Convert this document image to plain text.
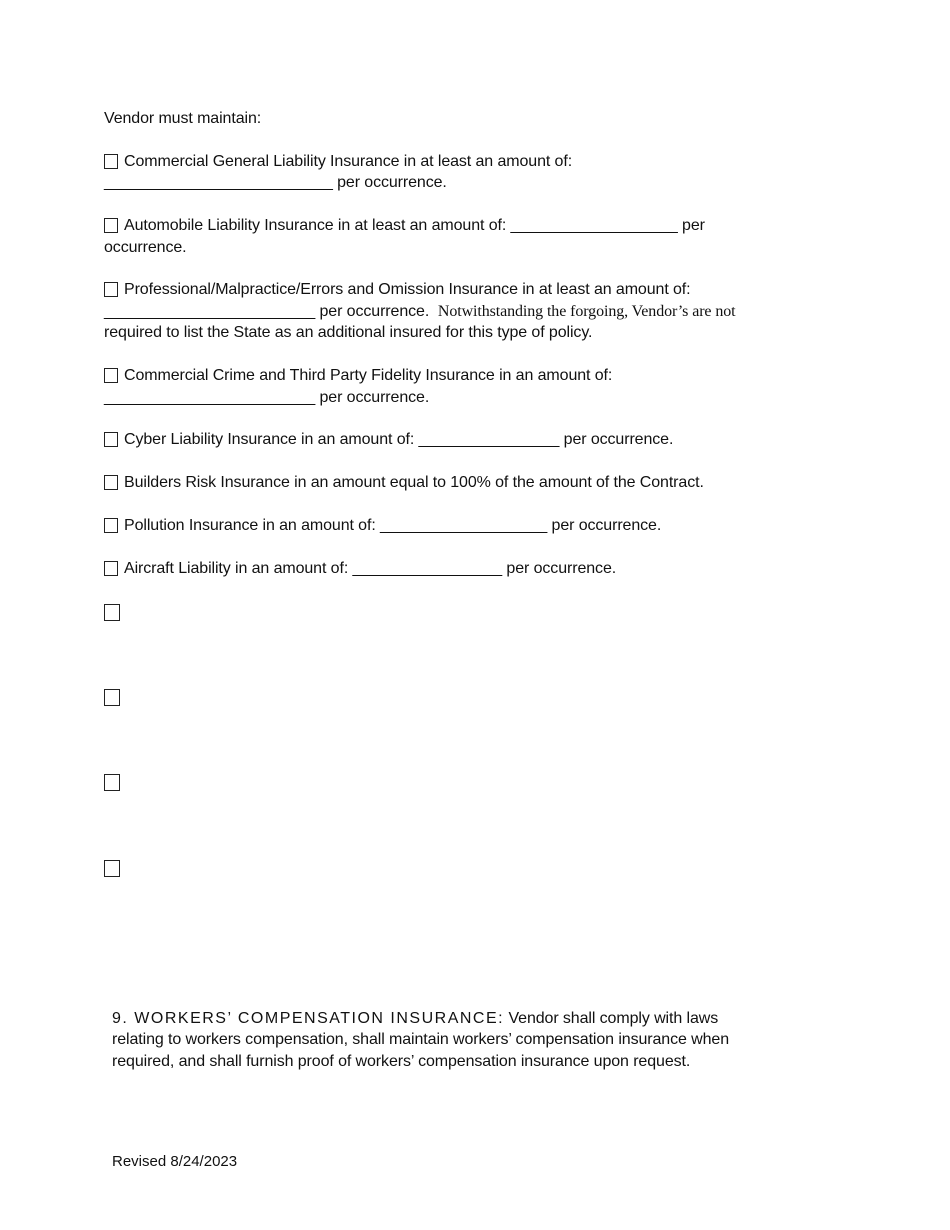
Vendor must maintain:
Commercial General Liability Insurance in at least an amount of:
__________________________ per occurrence.
Automobile Liability Insurance in at least an amount of: ___________________ per
occurrence.
Professional/Malpractice/Errors and Omission Insurance in at least an amount of:
________________________ per occurrence. Notwithstanding the forgoing, Vendor’s are not
required to list the State as an additional insured for this type of policy.
Commercial Crime and Third Party Fidelity Insurance in an amount of:
________________________ per occurrence.
Cyber Liability Insurance in an amount of: ________________ per occurrence.
Builders Risk Insurance in an amount equal to 100% of the amount of the Contract.
Pollution Insurance in an amount of: ___________________ per occurrence.
Aircraft Liability in an amount of: _________________ per occurrence.
9. WORKERS’ COMPENSATION INSURANCE: Vendor shall comply with laws
relating to workers compensation, shall maintain workers’ compensation insurance when
required, and shall furnish proof of workers’ compensation insurance upon request.
Revised 8/24/2023
